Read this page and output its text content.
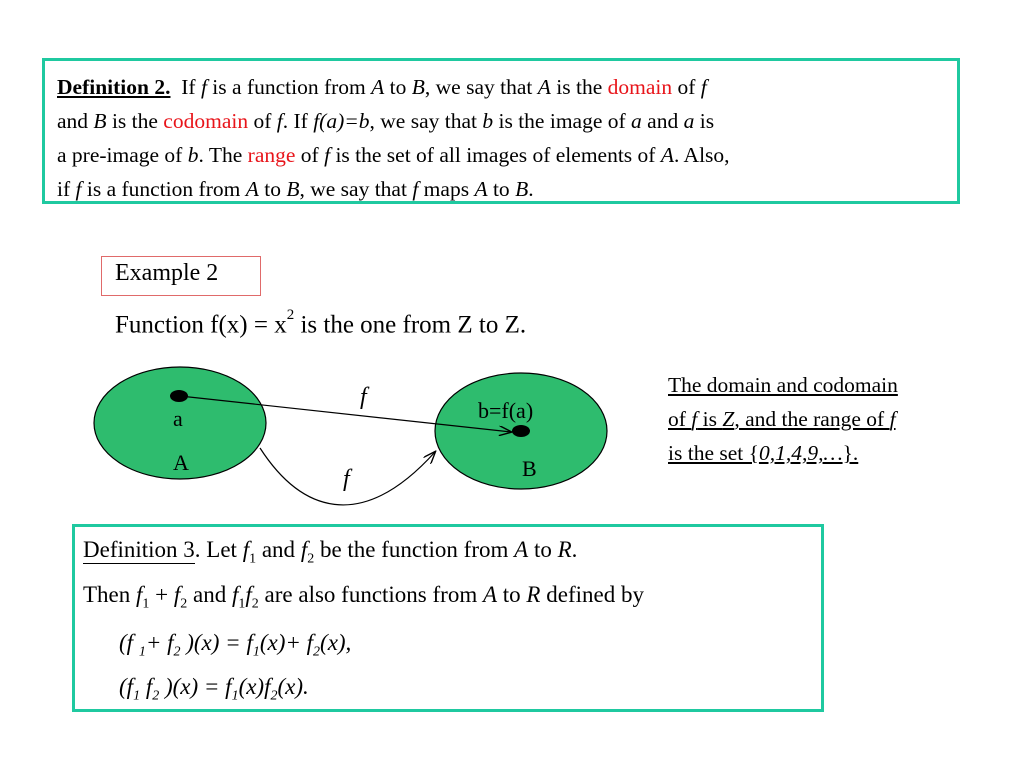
Definition 2. If f is a function from A to B, we say that A is the domain of f
and B is the codomain of f. If f(a)=b, we say that b is the image of a and a is
a pre-image of b. The range of f is the set of all images of elements of A. Also,
if f is a function from A to B, we say that f maps A to B.
Example 2
Function $f(x) = x^2$ is the one from Z to Z.
a
A
b=f(a)
B
f
f
The domain and codomain
of f is Z, and the range of f
is the set {0,1,4,9,…}.
Definition 3. Let $f_1$ and $f_2$ be the function from A to R.
Then $f_1 + f_2$ and $f_1f_2$ are also functions from A to R defined by
(f $_1+ f_2$ )$(x) = f_1(x)+ f_2(x)$,
($f_1$ $f_2$ )$(x) = f_1(x)f_2(x)$.
